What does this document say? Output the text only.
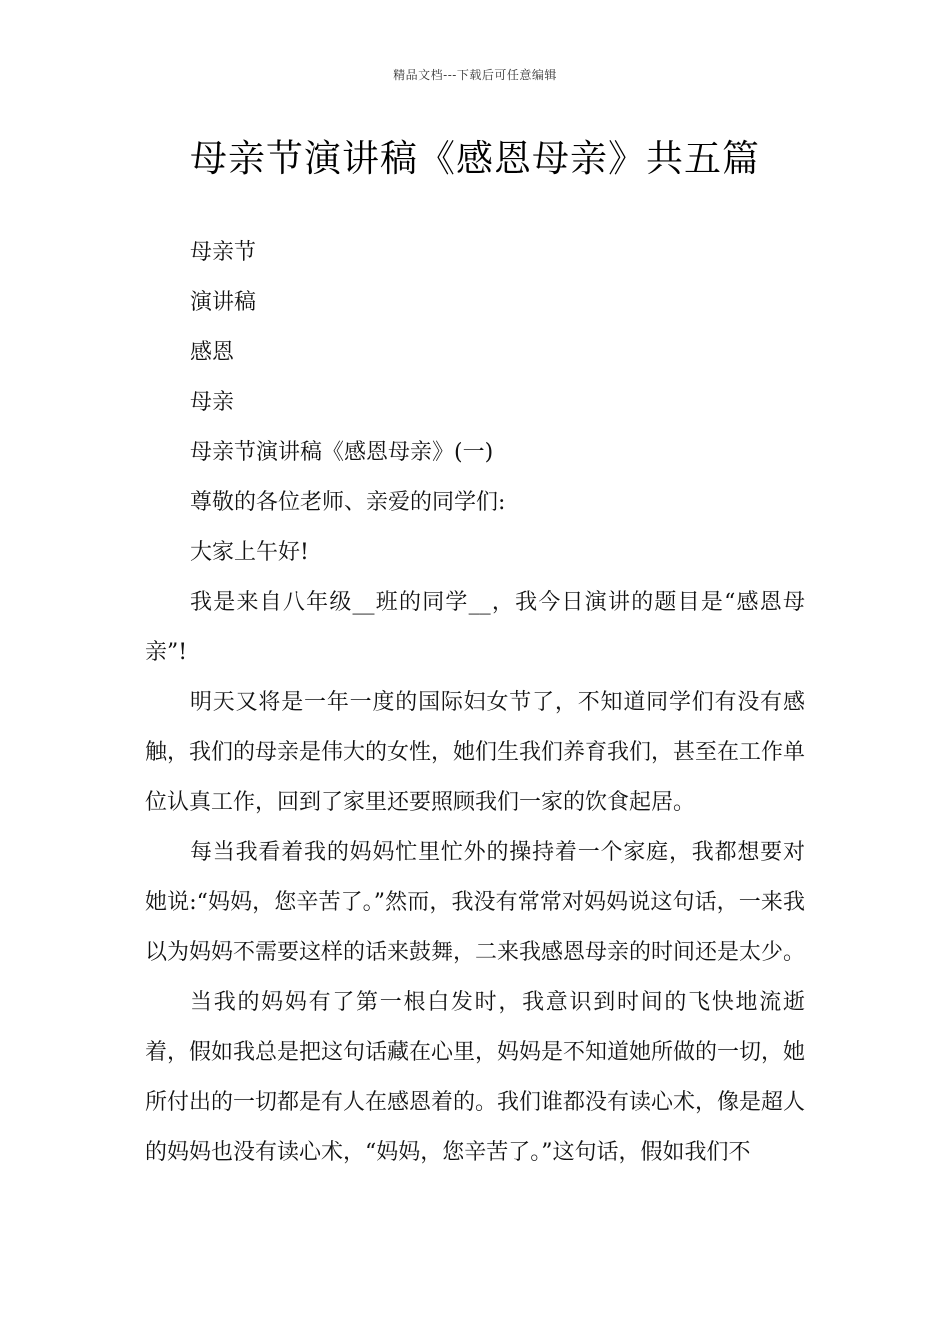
精品文档---下载后可任意编辑
母亲节演讲稿《感恩母亲》共五篇

母亲节

演讲稿

感恩

母亲

母亲节演讲稿《感恩母亲》(一)

尊敬的各位老师、亲爱的同学们:

大家上午好!

我是来自八年级__班的同学__，我今日演讲的题目是“感恩母亲”!

明天又将是一年一度的国际妇女节了，不知道同学们有没有感触，我们的母亲是伟大的女性，她们生我们养育我们，甚至在工作单位认真工作，回到了家里还要照顾我们一家的饮食起居。

每当我看着我的妈妈忙里忙外的操持着一个家庭，我都想要对她说:“妈妈，您辛苦了。”然而，我没有常常对妈妈说这句话，一来我以为妈妈不需要这样的话来鼓舞，二来我感恩母亲的时间还是太少。

当我的妈妈有了第一根白发时，我意识到时间的飞快地流逝着，假如我总是把这句话藏在心里，妈妈是不知道她所做的一切，她所付出的一切都是有人在感恩着的。我们谁都没有读心术，像是超人的妈妈也没有读心术，“妈妈，您辛苦了。”这句话，假如我们不
